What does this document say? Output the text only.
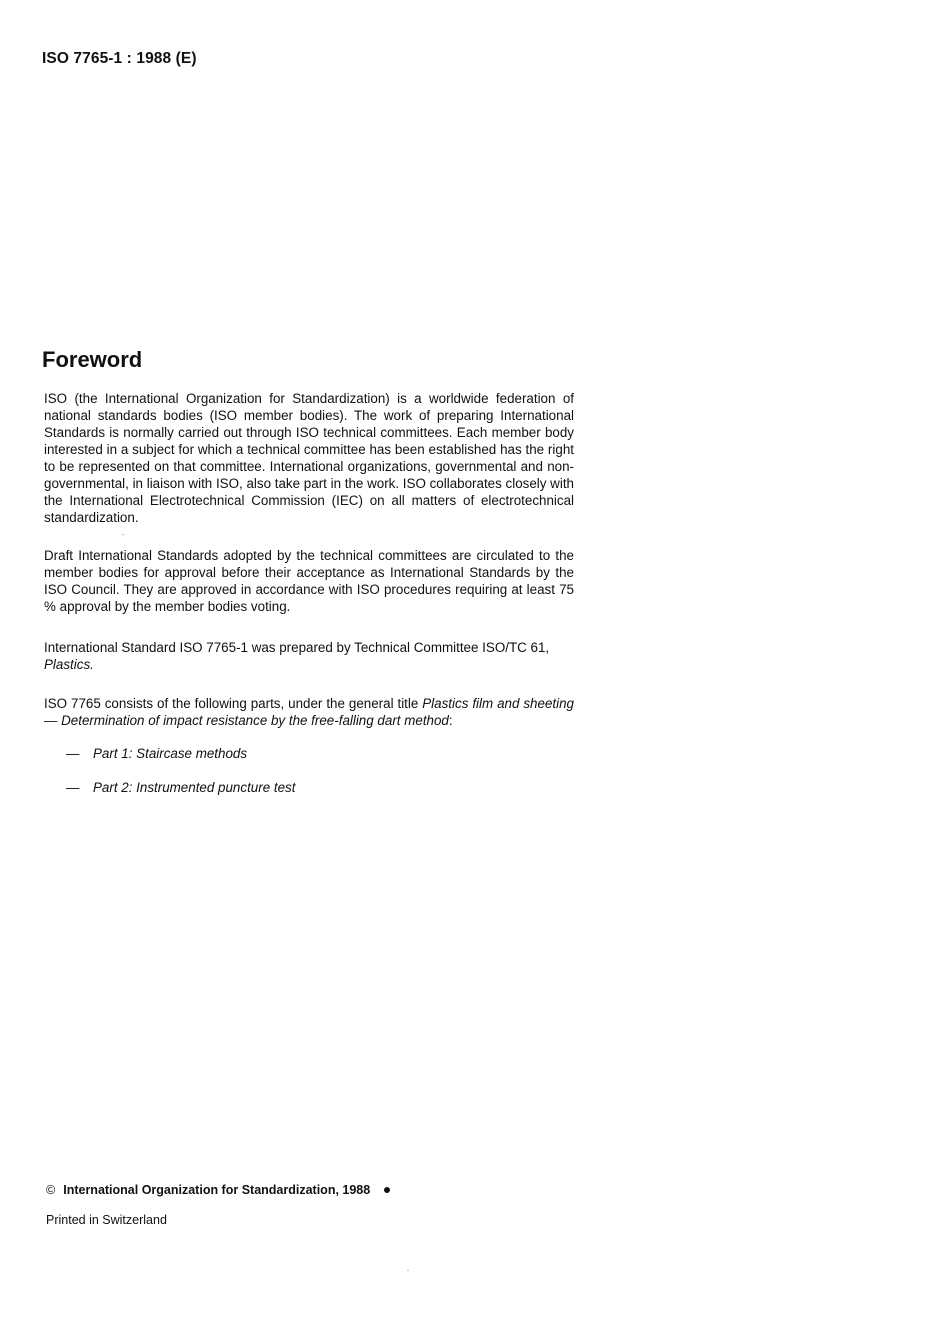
ISO 7765-1 : 1988 (E)
Foreword

ISO (the International Organization for Standardization) is a worldwide federation of national standards bodies (ISO member bodies). The work of preparing International Standards is normally carried out through ISO technical committees. Each member body interested in a subject for which a technical committee has been established has the right to be represented on that committee. International organizations, governmental and non-governmental, in liaison with ISO, also take part in the work. ISO collaborates closely with the International Electrotechnical Commission (IEC) on all matters of electrotechnical standardization.

Draft International Standards adopted by the technical committees are circulated to the member bodies for approval before their acceptance as International Standards by the ISO Council. They are approved in accordance with ISO procedures requiring at least 75 % approval by the member bodies voting.

International Standard ISO 7765-1 was prepared by Technical Committee ISO/TC 61,
Plastics.

ISO 7765 consists of the following parts, under the general title Plastics film and sheeting — Determination of impact resistance by the free-falling dart method:

— Part 1: Staircase methods
— Part 2: Instrumented puncture test
© International Organization for Standardization, 1988
Printed in Switzerland
